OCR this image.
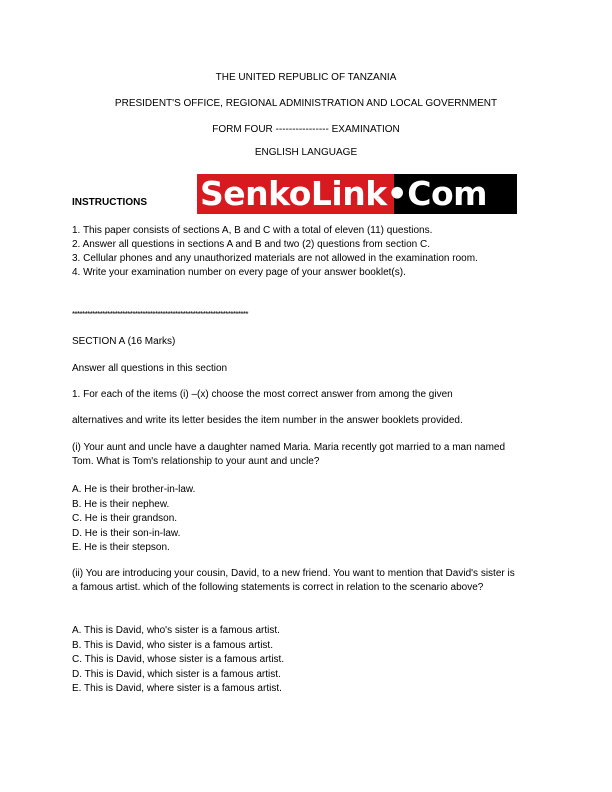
THE UNITED REPUBLIC OF TANZANIA
PRESIDENT'S OFFICE, REGIONAL ADMINISTRATION AND LOCAL GOVERNMENT
FORM FOUR ---------------- EXAMINATION
ENGLISH LANGUAGE
INSTRUCTIONS SenkoLink•Com
1. This paper consists of sections A, B and C with a total of eleven (11) questions.
2. Answer all questions in sections A and B and two (2) questions from section C.
3. Cellular phones and any unauthorized materials are not allowed in the examination room.
4. Write your examination number on every page of your answer booklet(s).
**********************************************************************
SECTION A (16 Marks)
Answer all questions in this section
1. For each of the items (i) –(x) choose the most correct answer from among the given
alternatives and write its letter besides the item number in the answer booklets provided.
(i) Your aunt and uncle have a daughter named Maria. Maria recently got married to a man named Tom. What is Tom's relationship to your aunt and uncle?
A. He is their brother-in-law.
B. He is their nephew.
C. He is their grandson.
D. He is their son-in-law.
E. He is their stepson.
(ii) You are introducing your cousin, David, to a new friend. You want to mention that David's sister is a famous artist. which of the following statements is correct in relation to the scenario above?
A. This is David, who's sister is a famous artist.
B. This is David, who sister is a famous artist.
C. This is David, whose sister is a famous artist.
D. This is David, which sister is a famous artist.
E. This is David, where sister is a famous artist.
